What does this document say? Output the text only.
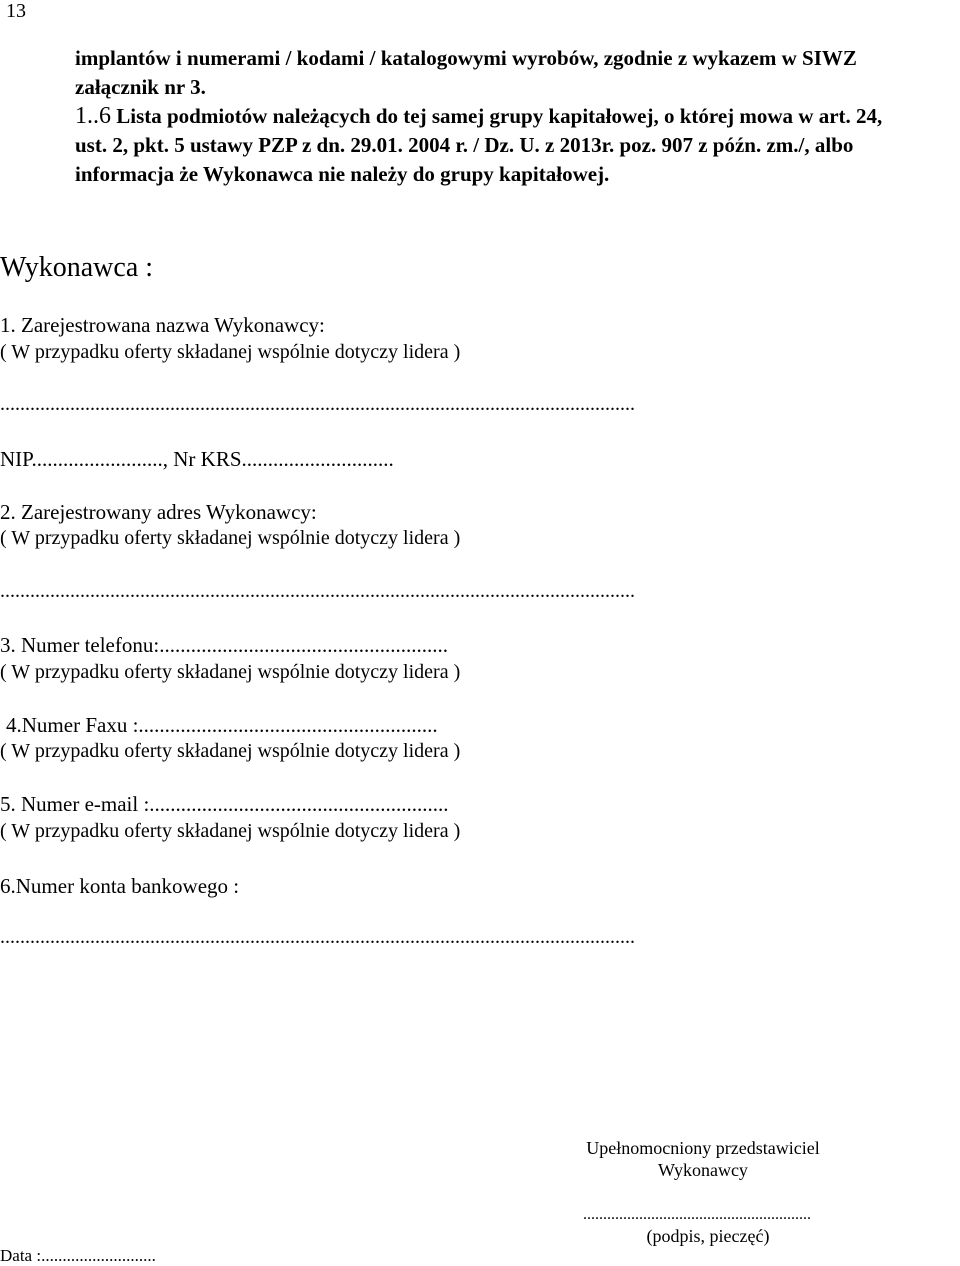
13

implantów i numerami / kodami / katalogowymi wyrobów, zgodnie z wykazem w SIWZ

załącznik nr 3.

1..6 Lista podmiotów należących do tej samej grupy kapitałowej, o której mowa w art. 24,

ust. 2, pkt. 5 ustawy PZP z dn. 29.01. 2004 r. / Dz. U. z 2013r. poz. 907 z późn. zm./, albo

informacja że Wykonawca nie należy do grupy kapitałowej.

Wykonawca :
1. Zarejestrowana nazwa Wykonawcy:
( W przypadku oferty składanej wspólnie dotyczy lidera )
...............................................................................................................................
NIP........................., Nr KRS.............................
2. Zarejestrowany adres Wykonawcy:
( W przypadku oferty składanej wspólnie dotyczy lidera )
...............................................................................................................................
3. Numer telefonu:.......................................................
( W przypadku oferty składanej wspólnie dotyczy lidera )
4.Numer Faxu :.........................................................
( W przypadku oferty składanej wspólnie dotyczy lidera )
5. Numer e-mail :.........................................................
( W przypadku oferty składanej wspólnie dotyczy lidera )
6.Numer konta bankowego :
...............................................................................................................................
Upełnomocniony przedstawiciel
Wykonawcy
.........................................................
(podpis, pieczęć)
Data :...........................
